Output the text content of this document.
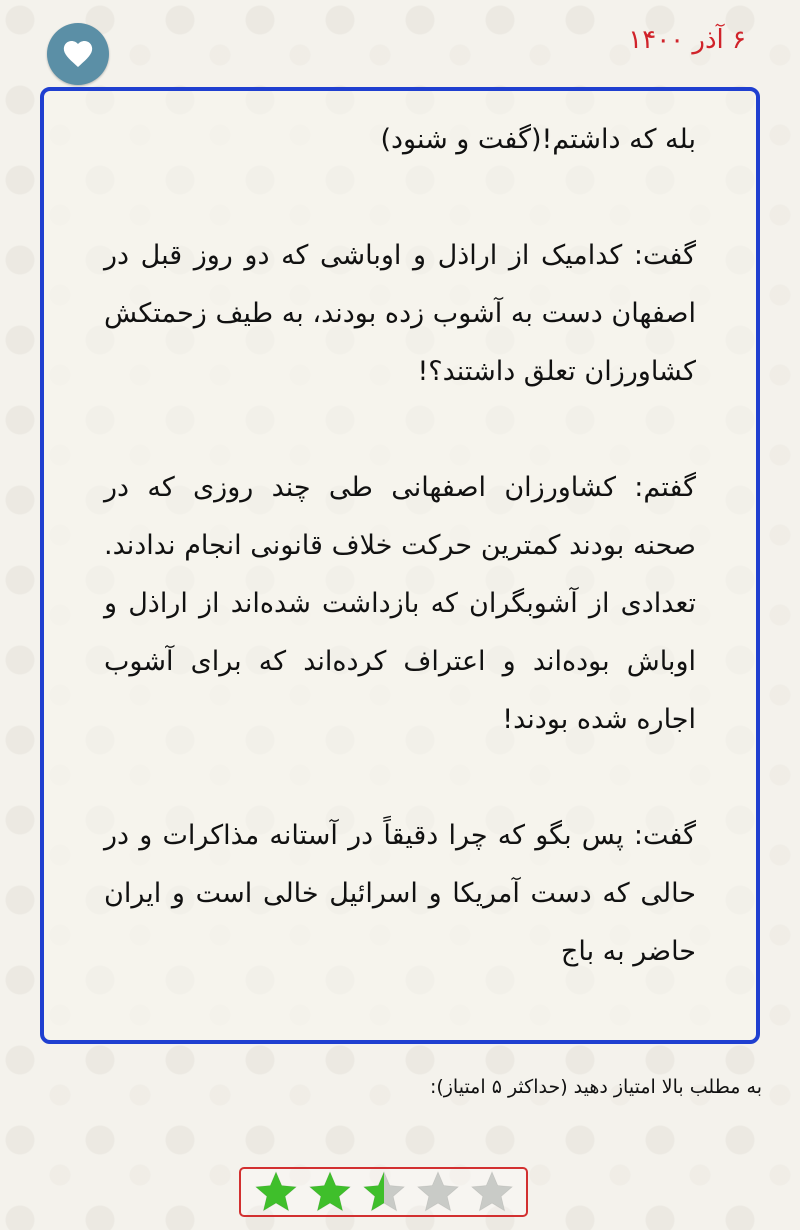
۶ آذر ۱۴۰۰

بله که داشتم!(گفت و شنود)

گفت: کدامیک از اراذل و اوباشی که دو روز قبل در اصفهان دست به آشوب زده بودند، به طیف زحمتکش کشاورزان تعلق داشتند؟!

گفتم: کشاورزان اصفهانی طی چند روزی که در صحنه بودند کمترین حرکت خلاف قانونی انجام ندادند. تعدادی از آشوبگران که بازداشت شده‌اند از اراذل و اوباش بوده‌اند و اعتراف کرده‌اند که برای آشوب اجاره شده بودند!

گفت: پس بگو که چرا دقیقاً در آستانه مذاکرات و در حالی که دست آمریکا و اسرائیل خالی است و ایران حاضر به باج

به مطلب بالا امتیاز دهید (حداکثر ۵ امتیاز):
